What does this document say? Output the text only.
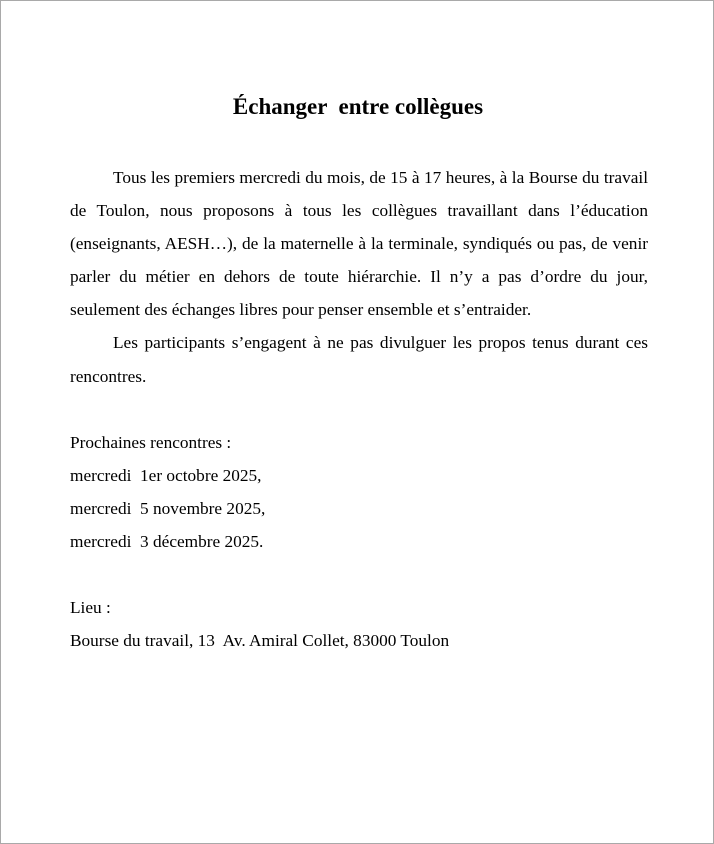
Échanger  entre collègues

Tous les premiers mercredi du mois, de 15 à 17 heures, à la Bourse du travail de Toulon, nous proposons à tous les collègues travaillant dans l’éducation (enseignants, AESH…), de la maternelle à la terminale, syndiqués ou pas, de venir parler du métier en dehors de toute hiérarchie. Il n’y a pas d’ordre du jour, seulement des échanges libres pour penser ensemble et s’entraider.

Les participants s’engagent à ne pas divulguer les propos tenus durant ces rencontres.

Prochaines rencontres :

mercredi  1er octobre 2025,

mercredi  5 novembre 2025,

mercredi  3 décembre 2025.

Lieu :

Bourse du travail, 13  Av. Amiral Collet, 83000 Toulon
